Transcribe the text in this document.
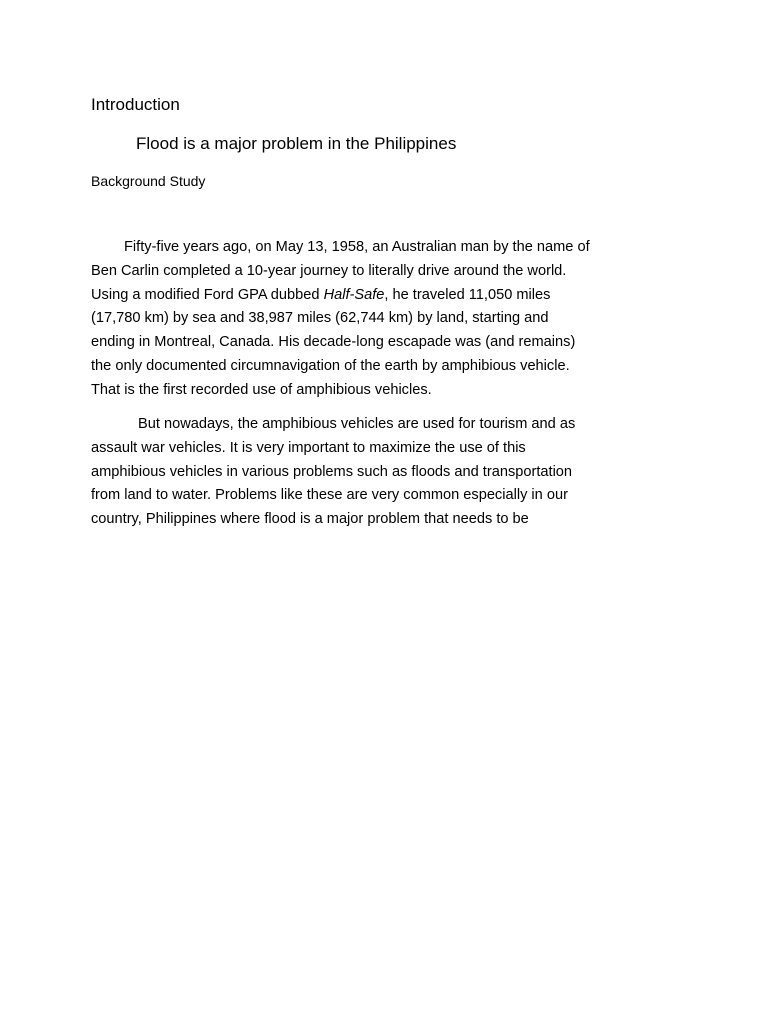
Introduction
Flood is a major problem in the Philippines
Background Study

Fifty-five years ago, on May 13, 1958, an Australian man by the name of
Ben Carlin completed a 10-year journey to literally drive around the world.
Using a modified Ford GPA dubbed Half-Safe, he traveled 11,050 miles
(17,780 km) by sea and 38,987 miles (62,744 km) by land, starting and
ending in Montreal, Canada. His decade-long escapade was (and remains)
the only documented circumnavigation of the earth by amphibious vehicle.
That is the first recorded use of amphibious vehicles.

But nowadays, the amphibious vehicles are used for tourism and as
assault war vehicles. It is very important to maximize the use of this
amphibious vehicles in various problems such as floods and transportation
from land to water. Problems like these are very common especially in our
country, Philippines where flood is a major problem that needs to be
